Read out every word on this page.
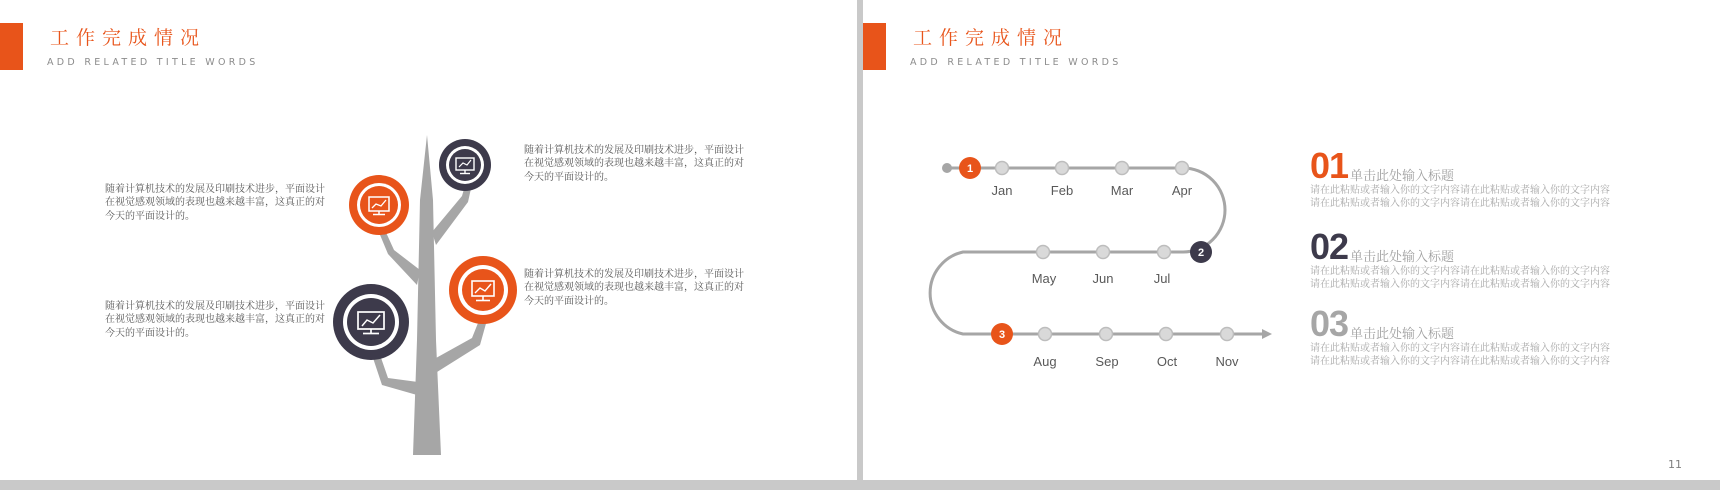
工作完成情况
ADD RELATED TITLE WORDS
随着计算机技术的发展及印刷技术进步，平面设计在视觉感观领域的表现也越来越丰富，这真正的对今天的平面设计的。
随着计算机技术的发展及印刷技术进步，平面设计在视觉感观领域的表现也越来越丰富，这真正的对今天的平面设计的。
随着计算机技术的发展及印刷技术进步，平面设计在视觉感观领域的表现也越来越丰富，这真正的对今天的平面设计的。
随着计算机技术的发展及印刷技术进步，平面设计在视觉感观领域的表现也越来越丰富，这真正的对今天的平面设计的。
工作完成情况
ADD RELATED TITLE WORDS
1
2
3
Jan	Feb	Mar	Apr
May	Jun	Jul
Aug	Sep	Oct	Nov
01 单击此处输入标题
请在此粘贴或者输入你的文字内容请在此粘贴或者输入你的文字内容
请在此粘贴或者输入你的文字内容请在此粘贴或者输入你的文字内容
02 单击此处输入标题
请在此粘贴或者输入你的文字内容请在此粘贴或者输入你的文字内容
请在此粘贴或者输入你的文字内容请在此粘贴或者输入你的文字内容
03 单击此处输入标题
请在此粘贴或者输入你的文字内容请在此粘贴或者输入你的文字内容
请在此粘贴或者输入你的文字内容请在此粘贴或者输入你的文字内容
11
